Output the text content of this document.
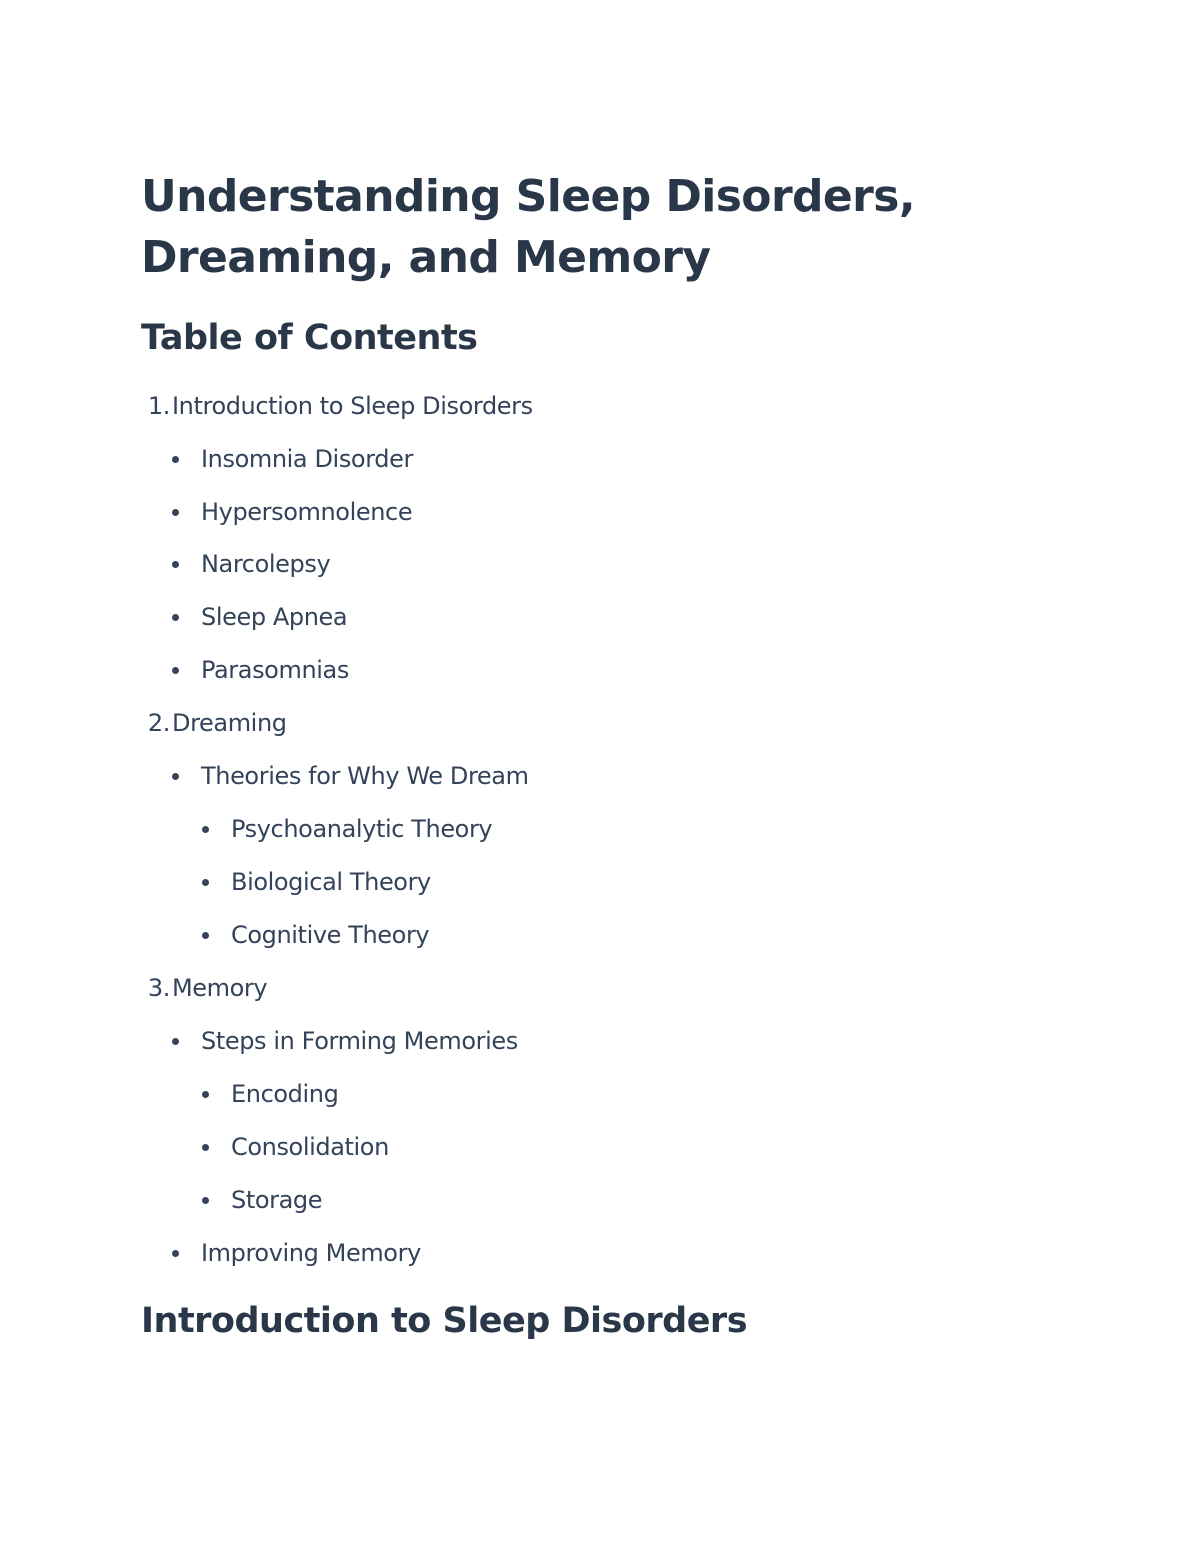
Understanding Sleep Disorders,
Dreaming, and Memory
Table of Contents
1. Introduction to Sleep Disorders
Insomnia Disorder
Hypersomnolence
Narcolepsy
Sleep Apnea
Parasomnias
2. Dreaming
Theories for Why We Dream
Psychoanalytic Theory
Biological Theory
Cognitive Theory
3. Memory
Steps in Forming Memories
Encoding
Consolidation
Storage
Improving Memory
Introduction to Sleep Disorders
